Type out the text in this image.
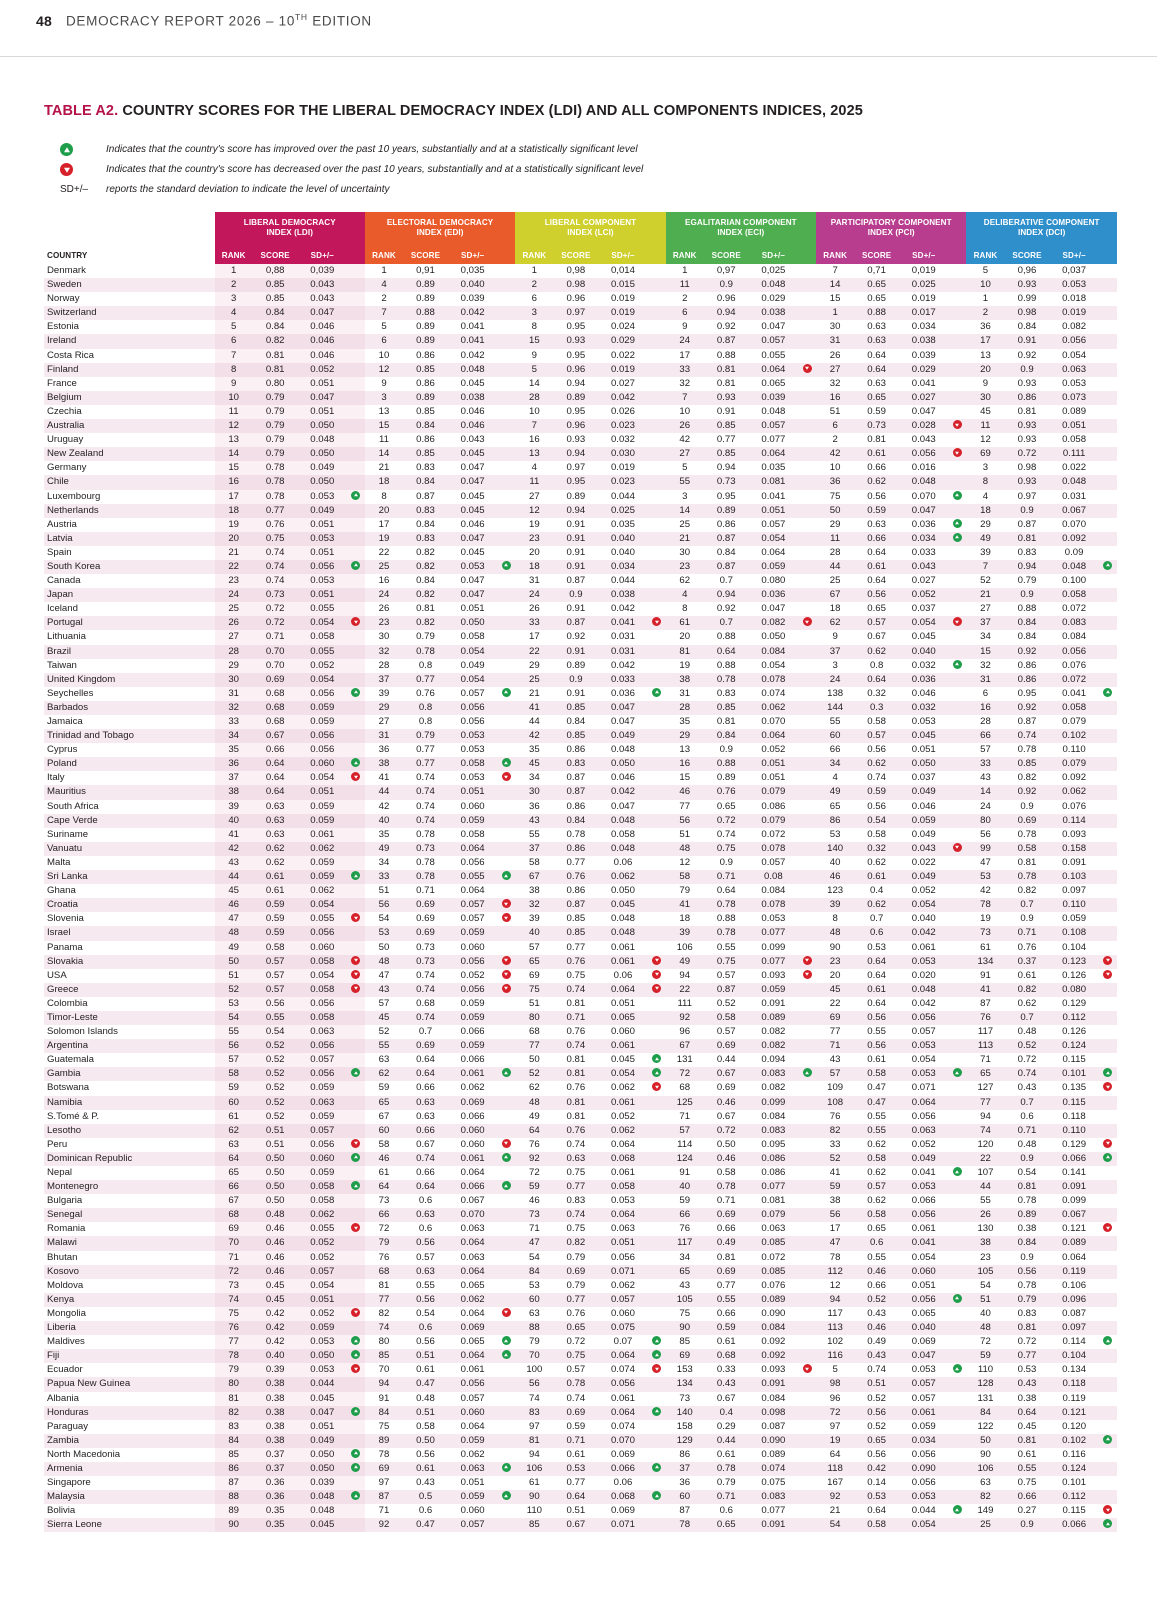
48 DEMOCRACY REPORT 2026 – 10TH EDITION
TABLE A2. COUNTRY SCORES FOR THE LIBERAL DEMOCRACY INDEX (LDI) AND ALL COMPONENTS INDICES, 2025
Indicates that the country's score has improved over the past 10 years, substantially and at a statistically significant level
Indicates that the country's score has decreased over the past 10 years, substantially and at a statistically significant level
SD+/–	reports the standard deviation to indicate the level of uncertainty
	LIBERAL DEMOCRACY
INDEX (LDI)				ELECTORAL DEMOCRACY
INDEX (EDI)				LIBERAL COMPONENT
INDEX (LCI)				EGALITARIAN COMPONENT
INDEX (ECI)				PARTICIPATORY COMPONENT
INDEX (PCI)				DELIBERATIVE COMPONENT
INDEX (DCI)			
COUNTRY	RANK	SCORE	SD+/–		RANK	SCORE	SD+/–		RANK	SCORE	SD+/–		RANK	SCORE	SD+/–		RANK	SCORE	SD+/–		RANK	SCORE	SD+/–	
Denmark	1	0,88	0,039		1	0,91	0,035		1	0,98	0,014		1	0,97	0,025		7	0,71	0,019		5	0,96	0,037	
Sweden	2	0.85	0.043		4	0.89	0.040		2	0.98	0.015		11	0.9	0.048		14	0.65	0.025		10	0.93	0.053	
Norway	3	0.85	0.043		2	0.89	0.039		6	0.96	0.019		2	0.96	0.029		15	0.65	0.019		1	0.99	0.018	
Switzerland	4	0.84	0.047		7	0.88	0.042		3	0.97	0.019		6	0.94	0.038		1	0.88	0.017		2	0.98	0.019	
Estonia	5	0.84	0.046		5	0.89	0.041		8	0.95	0.024		9	0.92	0.047		30	0.63	0.034		36	0.84	0.082	
Ireland	6	0.82	0.046		6	0.89	0.041		15	0.93	0.029		24	0.87	0.057		31	0.63	0.038		17	0.91	0.056	
Costa Rica	7	0.81	0.046		10	0.86	0.042		9	0.95	0.022		17	0.88	0.055		26	0.64	0.039		13	0.92	0.054	
Finland	8	0.81	0.052		12	0.85	0.048		5	0.96	0.019		33	0.81	0.064		27	0.64	0.029		20	0.9	0.063	
France	9	0.80	0.051		9	0.86	0.045		14	0.94	0.027		32	0.81	0.065		32	0.63	0.041		9	0.93	0.053	
Belgium	10	0.79	0.047		3	0.89	0.038		28	0.89	0.042		7	0.93	0.039		16	0.65	0.027		30	0.86	0.073	
Czechia	11	0.79	0.051		13	0.85	0.046		10	0.95	0.026		10	0.91	0.048		51	0.59	0.047		45	0.81	0.089	
Australia	12	0.79	0.050		15	0.84	0.046		7	0.96	0.023		26	0.85	0.057		6	0.73	0.028		11	0.93	0.051	
Uruguay	13	0.79	0.048		11	0.86	0.043		16	0.93	0.032		42	0.77	0.077		2	0.81	0.043		12	0.93	0.058	
New Zealand	14	0.79	0.050		14	0.85	0.045		13	0.94	0.030		27	0.85	0.064		42	0.61	0.056		69	0.72	0.111	
Germany	15	0.78	0.049		21	0.83	0.047		4	0.97	0.019		5	0.94	0.035		10	0.66	0.016		3	0.98	0.022	
Chile	16	0.78	0.050		18	0.84	0.047		11	0.95	0.023		55	0.73	0.081		36	0.62	0.048		8	0.93	0.048	
Luxembourg	17	0.78	0.053		8	0.87	0.045		27	0.89	0.044		3	0.95	0.041		75	0.56	0.070		4	0.97	0.031	
Netherlands	18	0.77	0.049		20	0.83	0.045		12	0.94	0.025		14	0.89	0.051		50	0.59	0.047		18	0.9	0.067	
Austria	19	0.76	0.051		17	0.84	0.046		19	0.91	0.035		25	0.86	0.057		29	0.63	0.036		29	0.87	0.070	
Latvia	20	0.75	0.053		19	0.83	0.047		23	0.91	0.040		21	0.87	0.054		11	0.66	0.034		49	0.81	0.092	
Spain	21	0.74	0.051		22	0.82	0.045		20	0.91	0.040		30	0.84	0.064		28	0.64	0.033		39	0.83	0.09	
South Korea	22	0.74	0.056		25	0.82	0.053		18	0.91	0.034		23	0.87	0.059		44	0.61	0.043		7	0.94	0.048	
Canada	23	0.74	0.053		16	0.84	0.047		31	0.87	0.044		62	0.7	0.080		25	0.64	0.027		52	0.79	0.100	
Japan	24	0.73	0.051		24	0.82	0.047		24	0.9	0.038		4	0.94	0.036		67	0.56	0.052		21	0.9	0.058	
Iceland	25	0.72	0.055		26	0.81	0.051		26	0.91	0.042		8	0.92	0.047		18	0.65	0.037		27	0.88	0.072	
Portugal	26	0.72	0.054		23	0.82	0.050		33	0.87	0.041		61	0.7	0.082		62	0.57	0.054		37	0.84	0.083	
Lithuania	27	0.71	0.058		30	0.79	0.058		17	0.92	0.031		20	0.88	0.050		9	0.67	0.045		34	0.84	0.084	
Brazil	28	0.70	0.055		32	0.78	0.054		22	0.91	0.031		81	0.64	0.084		37	0.62	0.040		15	0.92	0.056	
Taiwan	29	0.70	0.052		28	0.8	0.049		29	0.89	0.042		19	0.88	0.054		3	0.8	0.032		32	0.86	0.076	
United Kingdom	30	0.69	0.054		37	0.77	0.054		25	0.9	0.033		38	0.78	0.078		24	0.64	0.036		31	0.86	0.072	
Seychelles	31	0.68	0.056		39	0.76	0.057		21	0.91	0.036		31	0.83	0.074		138	0.32	0.046		6	0.95	0.041	
Barbados	32	0.68	0.059		29	0.8	0.056		41	0.85	0.047		28	0.85	0.062		144	0.3	0.032		16	0.92	0.058	
Jamaica	33	0.68	0.059		27	0.8	0.056		44	0.84	0.047		35	0.81	0.070		55	0.58	0.053		28	0.87	0.079	
Trinidad and Tobago	34	0.67	0.056		31	0.79	0.053		42	0.85	0.049		29	0.84	0.064		60	0.57	0.045		66	0.74	0.102	
Cyprus	35	0.66	0.056		36	0.77	0.053		35	0.86	0.048		13	0.9	0.052		66	0.56	0.051		57	0.78	0.110	
Poland	36	0.64	0.060		38	0.77	0.058		45	0.83	0.050		16	0.88	0.051		34	0.62	0.050		33	0.85	0.079	
Italy	37	0.64	0.054		41	0.74	0.053		34	0.87	0.046		15	0.89	0.051		4	0.74	0.037		43	0.82	0.092	
Mauritius	38	0.64	0.051		44	0.74	0.051		30	0.87	0.042		46	0.76	0.079		49	0.59	0.049		14	0.92	0.062	
South Africa	39	0.63	0.059		42	0.74	0.060		36	0.86	0.047		77	0.65	0.086		65	0.56	0.046		24	0.9	0.076	
Cape Verde	40	0.63	0.059		40	0.74	0.059		43	0.84	0.048		56	0.72	0.079		86	0.54	0.059		80	0.69	0.114	
Suriname	41	0.63	0.061		35	0.78	0.058		55	0.78	0.058		51	0.74	0.072		53	0.58	0.049		56	0.78	0.093	
Vanuatu	42	0.62	0.062		49	0.73	0.064		37	0.86	0.048		48	0.75	0.078		140	0.32	0.043		99	0.58	0.158	
Malta	43	0.62	0.059		34	0.78	0.056		58	0.77	0.06		12	0.9	0.057		40	0.62	0.022		47	0.81	0.091	
Sri Lanka	44	0.61	0.059		33	0.78	0.055		67	0.76	0.062		58	0.71	0.08		46	0.61	0.049		53	0.78	0.103	
Ghana	45	0.61	0.062		51	0.71	0.064		38	0.86	0.050		79	0.64	0.084		123	0.4	0.052		42	0.82	0.097	
Croatia	46	0.59	0.054		56	0.69	0.057		32	0.87	0.045		41	0.78	0.078		39	0.62	0.054		78	0.7	0.110	
Slovenia	47	0.59	0.055		54	0.69	0.057		39	0.85	0.048		18	0.88	0.053		8	0.7	0.040		19	0.9	0.059	
Israel	48	0.59	0.056		53	0.69	0.059		40	0.85	0.048		39	0.78	0.077		48	0.6	0.042		73	0.71	0.108	
Panama	49	0.58	0.060		50	0.73	0.060		57	0.77	0.061		106	0.55	0.099		90	0.53	0.061		61	0.76	0.104	
Slovakia	50	0.57	0.058		48	0.73	0.056		65	0.76	0.061		49	0.75	0.077		23	0.64	0.053		134	0.37	0.123	
USA	51	0.57	0.054		47	0.74	0.052		69	0.75	0.06		94	0.57	0.093		20	0.64	0.020		91	0.61	0.126	
Greece	52	0.57	0.058		43	0.74	0.056		75	0.74	0.064		22	0.87	0.059		45	0.61	0.048		41	0.82	0.080	
Colombia	53	0.56	0.056		57	0.68	0.059		51	0.81	0.051		111	0.52	0.091		22	0.64	0.042		87	0.62	0.129	
Timor-Leste	54	0.55	0.058		45	0.74	0.059		80	0.71	0.065		92	0.58	0.089		69	0.56	0.056		76	0.7	0.112	
Solomon Islands	55	0.54	0.063		52	0.7	0.066		68	0.76	0.060		96	0.57	0.082		77	0.55	0.057		117	0.48	0.126	
Argentina	56	0.52	0.056		55	0.69	0.059		77	0.74	0.061		67	0.69	0.082		71	0.56	0.053		113	0.52	0.124	
Guatemala	57	0.52	0.057		63	0.64	0.066		50	0.81	0.045		131	0.44	0.094		43	0.61	0.054		71	0.72	0.115	
Gambia	58	0.52	0.056		62	0.64	0.061		52	0.81	0.054		72	0.67	0.083		57	0.58	0.053		65	0.74	0.101	
Botswana	59	0.52	0.059		59	0.66	0.062		62	0.76	0.062		68	0.69	0.082		109	0.47	0.071		127	0.43	0.135	
Namibia	60	0.52	0.063		65	0.63	0.069		48	0.81	0.061		125	0.46	0.099		108	0.47	0.064		77	0.7	0.115	
S.Tomé & P.	61	0.52	0.059		67	0.63	0.066		49	0.81	0.052		71	0.67	0.084		76	0.55	0.056		94	0.6	0.118	
Lesotho	62	0.51	0.057		60	0.66	0.060		64	0.76	0.062		57	0.72	0.083		82	0.55	0.063		74	0.71	0.110	
Peru	63	0.51	0.056		58	0.67	0.060		76	0.74	0.064		114	0.50	0.095		33	0.62	0.052		120	0.48	0.129	
Dominican Republic	64	0.50	0.060		46	0.74	0.061		92	0.63	0.068		124	0.46	0.086		52	0.58	0.049		22	0.9	0.066	
Nepal	65	0.50	0.059		61	0.66	0.064		72	0.75	0.061		91	0.58	0.086		41	0.62	0.041		107	0.54	0.141	
Montenegro	66	0.50	0.058		64	0.64	0.066		59	0.77	0.058		40	0.78	0.077		59	0.57	0.053		44	0.81	0.091	
Bulgaria	67	0.50	0.058		73	0.6	0.067		46	0.83	0.053		59	0.71	0.081		38	0.62	0.066		55	0.78	0.099	
Senegal	68	0.48	0.062		66	0.63	0.070		73	0.74	0.064		66	0.69	0.079		56	0.58	0.056		26	0.89	0.067	
Romania	69	0.46	0.055		72	0.6	0.063		71	0.75	0.063		76	0.66	0.063		17	0.65	0.061		130	0.38	0.121	
Malawi	70	0.46	0.052		79	0.56	0.064		47	0.82	0.051		117	0.49	0.085		47	0.6	0.041		38	0.84	0.089	
Bhutan	71	0.46	0.052		76	0.57	0.063		54	0.79	0.056		34	0.81	0.072		78	0.55	0.054		23	0.9	0.064	
Kosovo	72	0.46	0.057		68	0.63	0.064		84	0.69	0.071		65	0.69	0.085		112	0.46	0.060		105	0.56	0.119	
Moldova	73	0.45	0.054		81	0.55	0.065		53	0.79	0.062		43	0.77	0.076		12	0.66	0.051		54	0.78	0.106	
Kenya	74	0.45	0.051		77	0.56	0.062		60	0.77	0.057		105	0.55	0.089		94	0.52	0.056		51	0.79	0.096	
Mongolia	75	0.42	0.052		82	0.54	0.064		63	0.76	0.060		75	0.66	0.090		117	0.43	0.065		40	0.83	0.087	
Liberia	76	0.42	0.059		74	0.6	0.069		88	0.65	0.075		90	0.59	0.084		113	0.46	0.040		48	0.81	0.097	
Maldives	77	0.42	0.053		80	0.56	0.065		79	0.72	0.07		85	0.61	0.092		102	0.49	0.069		72	0.72	0.114	
Fiji	78	0.40	0.050		85	0.51	0.064		70	0.75	0.064		69	0.68	0.092		116	0.43	0.047		59	0.77	0.104	
Ecuador	79	0.39	0.053		70	0.61	0.061		100	0.57	0.074		153	0.33	0.093		5	0.74	0.053		110	0.53	0.134	
Papua New Guinea	80	0.38	0.044		94	0.47	0.056		56	0.78	0.056		134	0.43	0.091		98	0.51	0.057		128	0.43	0.118	
Albania	81	0.38	0.045		91	0.48	0.057		74	0.74	0.061		73	0.67	0.084		96	0.52	0.057		131	0.38	0.119	
Honduras	82	0.38	0.047		84	0.51	0.060		83	0.69	0.064		140	0.4	0.098		72	0.56	0.061		84	0.64	0.121	
Paraguay	83	0.38	0.051		75	0.58	0.064		97	0.59	0.074		158	0.29	0.087		97	0.52	0.059		122	0.45	0.120	
Zambia	84	0.38	0.049		89	0.50	0.059		81	0.71	0.070		129	0.44	0.090		19	0.65	0.034		50	0.81	0.102	
North Macedonia	85	0.37	0.050		78	0.56	0.062		94	0.61	0.069		86	0.61	0.089		64	0.56	0.056		90	0.61	0.116	
Armenia	86	0.37	0.050		69	0.61	0.063		106	0.53	0.066		37	0.78	0.074		118	0.42	0.090		106	0.55	0.124	
Singapore	87	0.36	0.039		97	0.43	0.051		61	0.77	0.06		36	0.79	0.075		167	0.14	0.056		63	0.75	0.101	
Malaysia	88	0.36	0.048		87	0.5	0.059		90	0.64	0.068		60	0.71	0.083		92	0.53	0.053		82	0.66	0.112	
Bolivia	89	0.35	0.048		71	0.6	0.060		110	0.51	0.069		87	0.6	0.077		21	0.64	0.044		149	0.27	0.115	
Sierra Leone	90	0.35	0.045		92	0.47	0.057		85	0.67	0.071		78	0.65	0.091		54	0.58	0.054		25	0.9	0.066	
